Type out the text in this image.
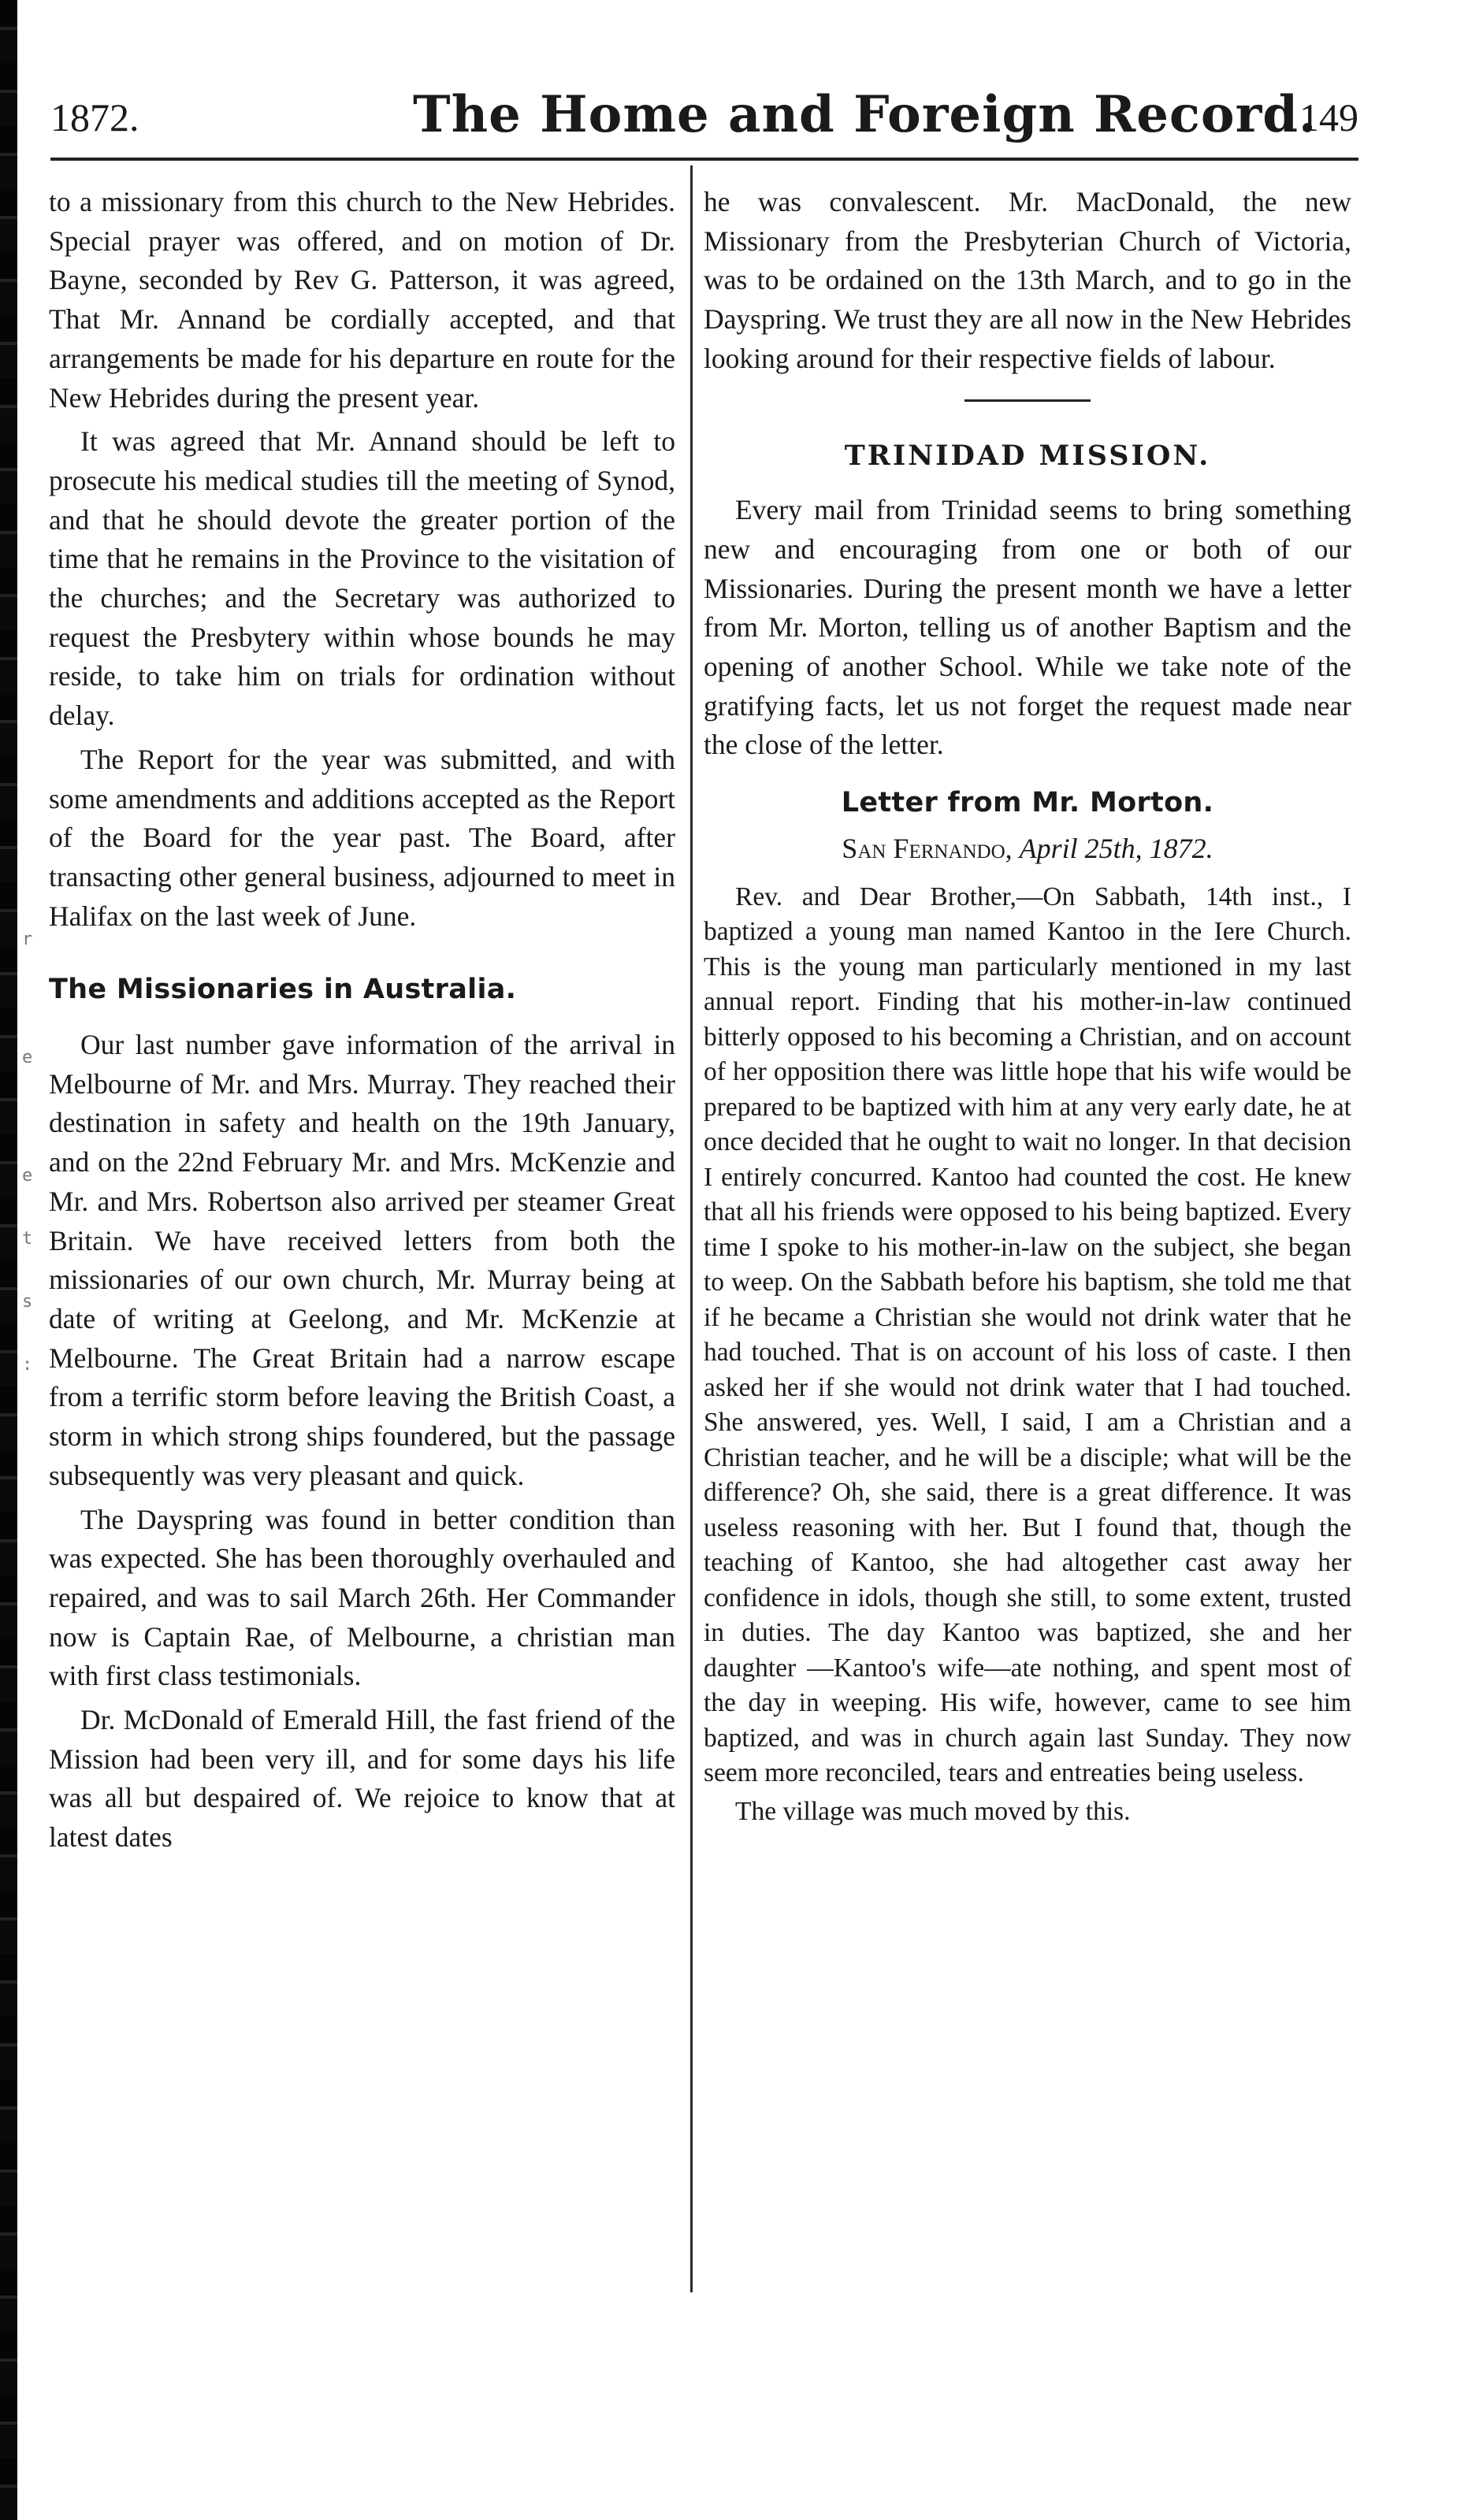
r
e
e
t
s
:
1872.	The Home and Foreign Record.
149

to a missionary from this church to the New Hebrides. Special prayer was offered, and on motion of Dr. Bayne, seconded by Rev G. Patterson, it was agreed, That Mr. Annand be cordially accepted, and that arrangements be made for his departure en route for the New Hebrides during the present year.

It was agreed that Mr. Annand should be left to prosecute his medical studies till the meeting of Synod, and that he should devote the greater portion of the time that he remains in the Province to the visitation of the churches; and the Secretary was authorized to request the Presbytery within whose bounds he may reside, to take him on trials for ordination without delay.

The Report for the year was submitted, and with some amendments and additions accepted as the Report of the Board for the year past. The Board, after transacting other general business, adjourned to meet in Halifax on the last week of June.

The Missionaries in Australia.

Our last number gave information of the arrival in Melbourne of Mr. and Mrs. Murray. They reached their destination in safety and health on the 19th January, and on the 22nd February Mr. and Mrs. McKenzie and Mr. and Mrs. Robertson also arrived per steamer Great Britain. We have received letters from both the missionaries of our own church, Mr. Murray being at date of writing at Geelong, and Mr. McKenzie at Melbourne. The Great Britain had a narrow escape from a terrific storm before leaving the British Coast, a storm in which strong ships foundered, but the passage subsequently was very pleasant and quick.

The Dayspring was found in better condition than was expected. She has been thoroughly overhauled and repaired, and was to sail March 26th. Her Commander now is Captain Rae, of Melbourne, a christian man with first class testimonials.

Dr. McDonald of Emerald Hill, the fast friend of the Mission had been very ill, and for some days his life was all but despaired of. We rejoice to know that at latest dates

he was convalescent. Mr. MacDonald, the new Missionary from the Presbyterian Church of Victoria, was to be ordained on the 13th March, and to go in the Dayspring. We trust they are all now in the New Hebrides looking around for their respective fields of labour.

TRINIDAD MISSION.

Every mail from Trinidad seems to bring something new and encouraging from one or both of our Missionaries. During the present month we have a letter from Mr. Morton, telling us of another Baptism and the opening of another School. While we take note of the gratifying facts, let us not forget the request made near the close of the letter.

Letter from Mr. Morton.
San Fernando, April 25th, 1872.

Rev. and Dear Brother,—On Sabbath, 14th inst., I baptized a young man named Kantoo in the Iere Church. This is the young man particularly mentioned in my last annual report. Finding that his mother-in-law continued bitterly opposed to his becoming a Christian, and on account of her opposition there was little hope that his wife would be prepared to be baptized with him at any very early date, he at once decided that he ought to wait no longer. In that decision I entirely concurred. Kantoo had counted the cost. He knew that all his friends were opposed to his being baptized. Every time I spoke to his mother-in-law on the subject, she began to weep. On the Sabbath before his baptism, she told me that if he became a Christian she would not drink water that he had touched. That is on account of his loss of caste. I then asked her if she would not drink water that I had touched. She answered, yes. Well, I said, I am a Christian and a Christian teacher, and he will be a disciple; what will be the difference? Oh, she said, there is a great difference. It was useless reasoning with her. But I found that, though the teaching of Kantoo, she had altogether cast away her confidence in idols, though she still, to some extent, trusted in duties. The day Kantoo was baptized, she and her daughter —Kantoo's wife—ate nothing, and spent most of the day in weeping. His wife, however, came to see him baptized, and was in church again last Sunday. They now seem more reconciled, tears and entreaties being useless.

The village was much moved by this.
